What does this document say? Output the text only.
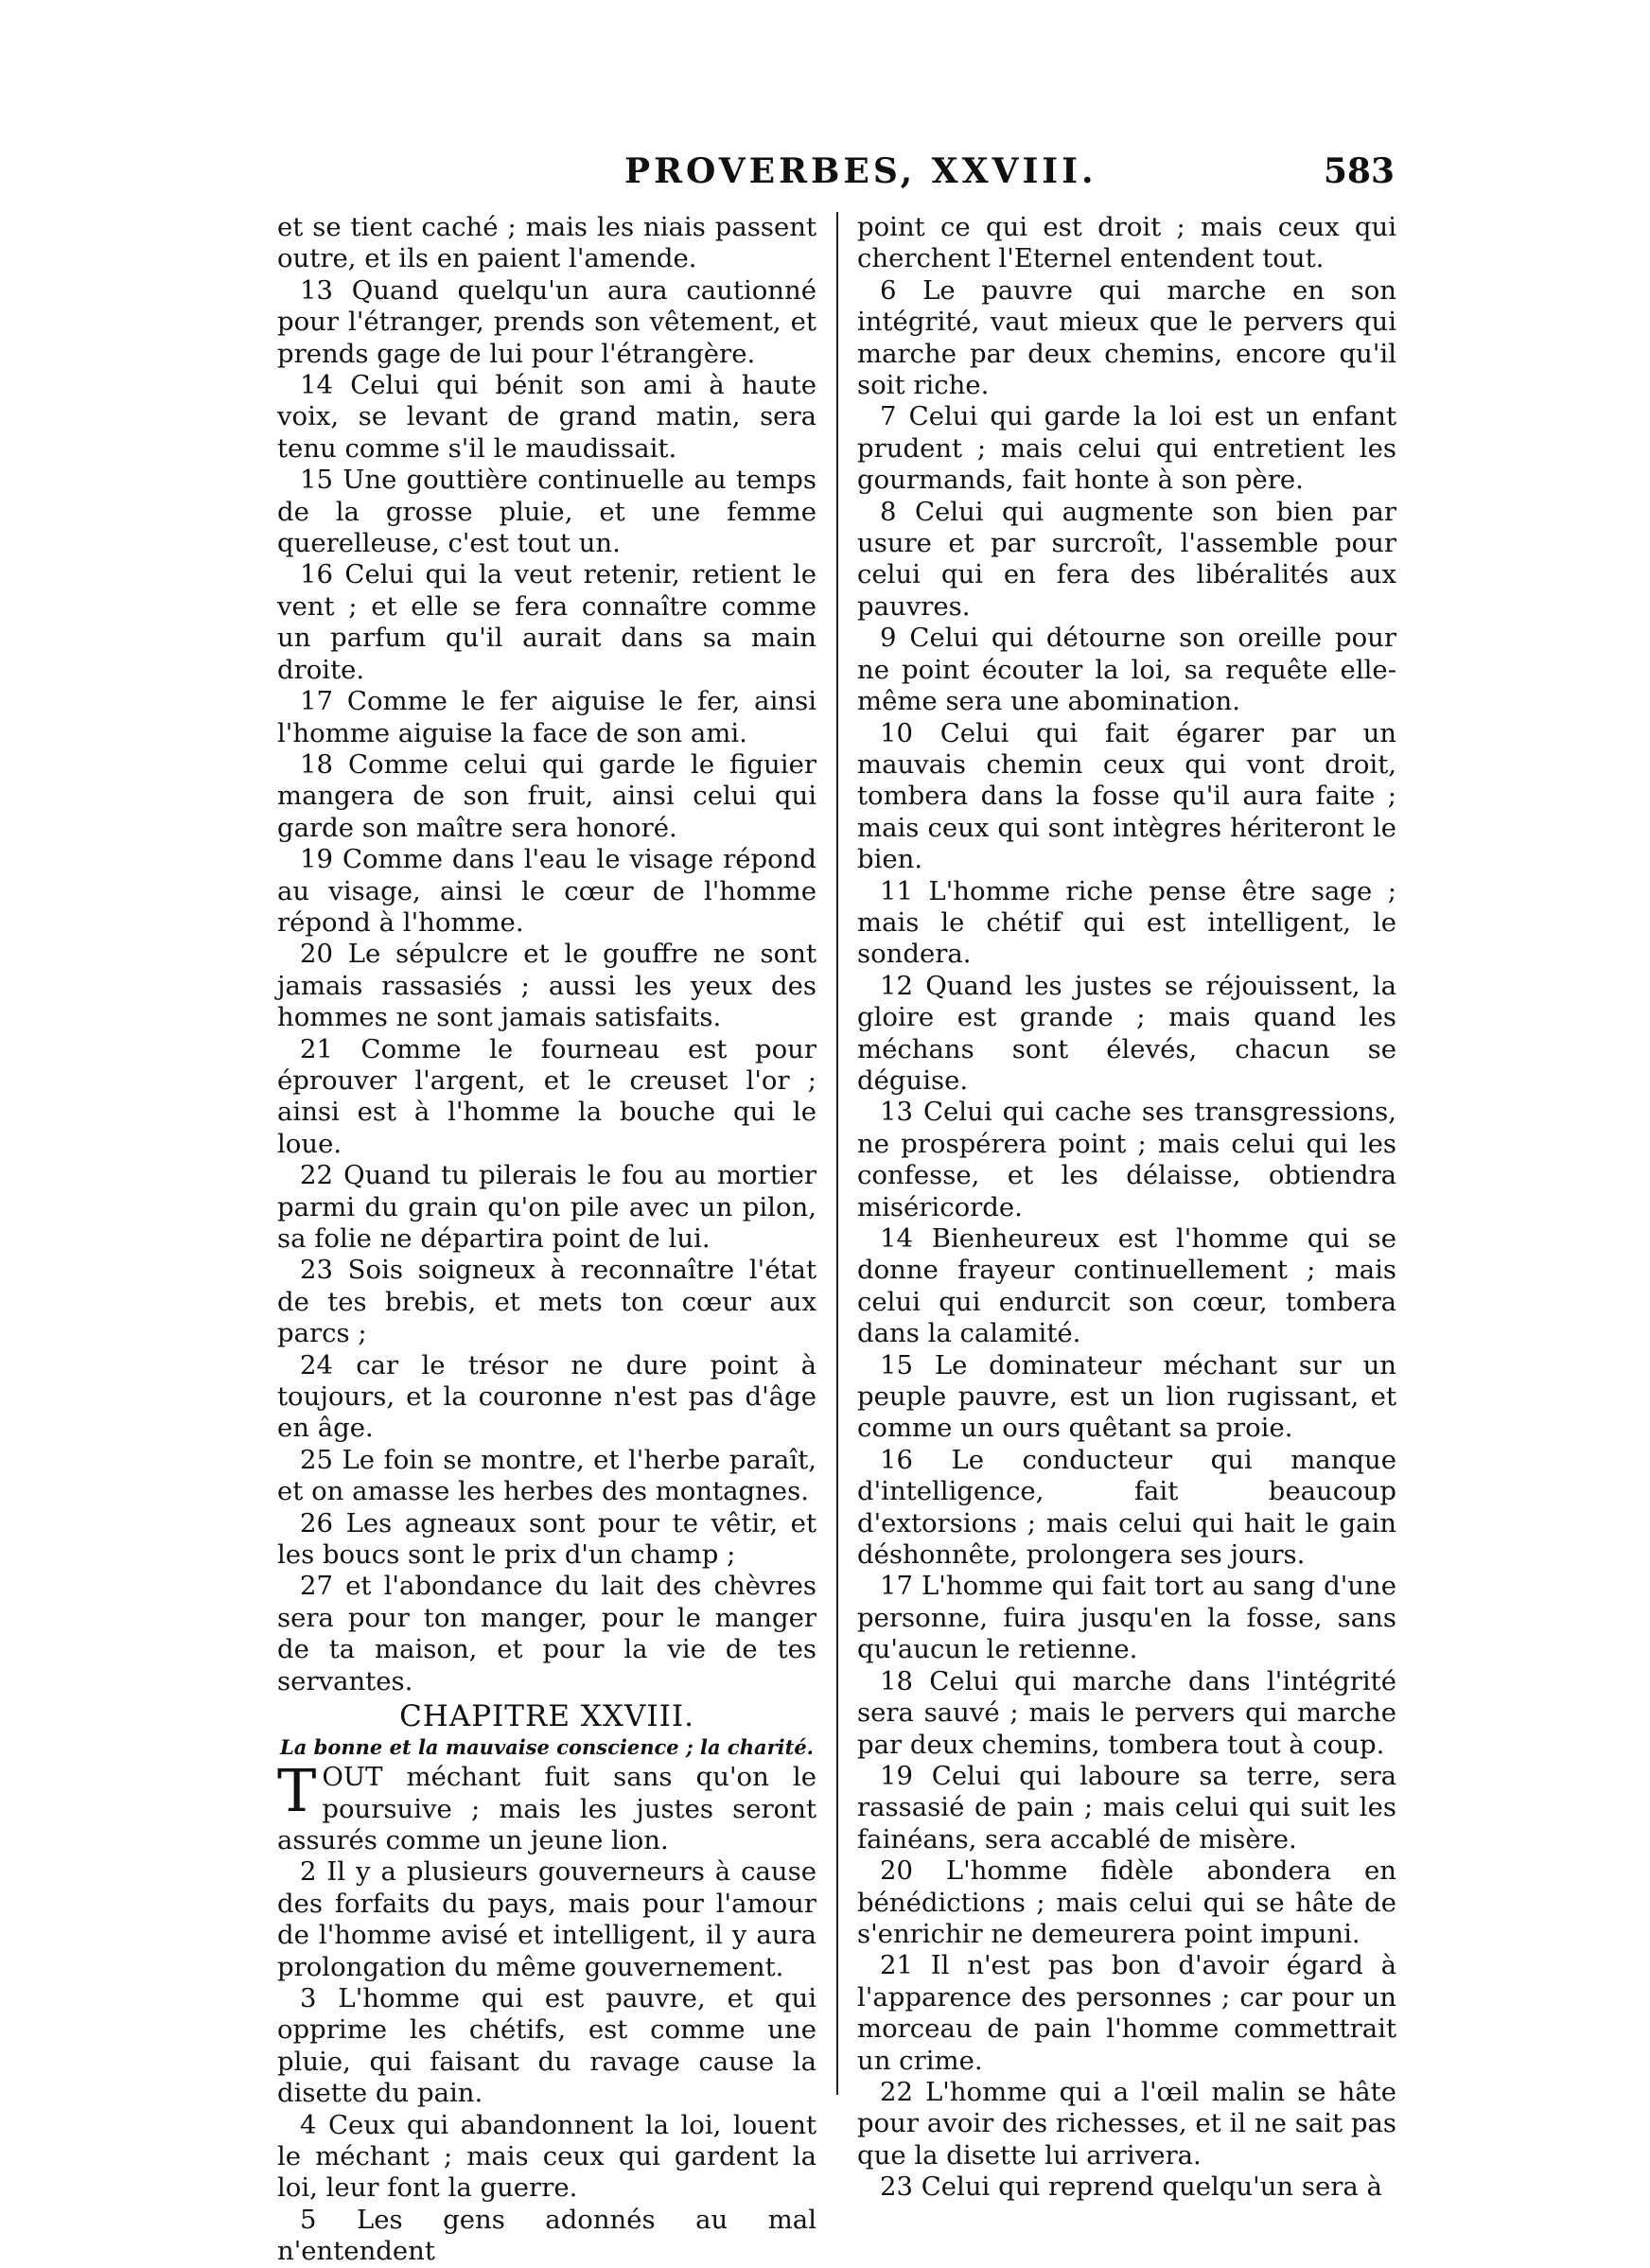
PROVERBES, XXVIII.	583

et se tient caché ; mais les niais passent outre, et ils en paient l'amende.

13 Quand quelqu'un aura cautionné pour l'étranger, prends son vêtement, et prends gage de lui pour l'étrangère.

14 Celui qui bénit son ami à haute voix, se levant de grand matin, sera tenu comme s'il le maudissait.

15 Une gouttière continuelle au temps de la grosse pluie, et une femme querelleuse, c'est tout un.

16 Celui qui la veut retenir, retient le vent ; et elle se fera connaître comme un parfum qu'il aurait dans sa main droite.

17 Comme le fer aiguise le fer, ainsi l'homme aiguise la face de son ami.

18 Comme celui qui garde le figuier mangera de son fruit, ainsi celui qui garde son maître sera honoré.

19 Comme dans l'eau le visage répond au visage, ainsi le cœur de l'homme répond à l'homme.

20 Le sépulcre et le gouffre ne sont jamais rassasiés ; aussi les yeux des hommes ne sont jamais satisfaits.

21 Comme le fourneau est pour éprouver l'argent, et le creuset l'or ; ainsi est à l'homme la bouche qui le loue.

22 Quand tu pilerais le fou au mortier parmi du grain qu'on pile avec un pilon, sa folie ne départira point de lui.

23 Sois soigneux à reconnaître l'état de tes brebis, et mets ton cœur aux parcs ;

24 car le trésor ne dure point à toujours, et la couronne n'est pas d'âge en âge.

25 Le foin se montre, et l'herbe paraît, et on amasse les herbes des montagnes.

26 Les agneaux sont pour te vêtir, et les boucs sont le prix d'un champ ;

27 et l'abondance du lait des chèvres sera pour ton manger, pour le manger de ta maison, et pour la vie de tes servantes.

CHAPITRE XXVIII.
La bonne et la mauvaise conscience ; la charité.

T OUT méchant fuit sans qu'on le poursuive ; mais les justes seront assurés comme un jeune lion.

2 Il y a plusieurs gouverneurs à cause des forfaits du pays, mais pour l'amour de l'homme avisé et intelligent, il y aura prolongation du même gouvernement.

3 L'homme qui est pauvre, et qui opprime les chétifs, est comme une pluie, qui faisant du ravage cause la disette du pain.

4 Ceux qui abandonnent la loi, louent le méchant ; mais ceux qui gardent la loi, leur font la guerre.

5 Les gens adonnés au mal n'entendent

point ce qui est droit ; mais ceux qui cherchent l'Eternel entendent tout.

6 Le pauvre qui marche en son intégrité, vaut mieux que le pervers qui marche par deux chemins, encore qu'il soit riche.

7 Celui qui garde la loi est un enfant prudent ; mais celui qui entretient les gourmands, fait honte à son père.

8 Celui qui augmente son bien par usure et par surcroît, l'assemble pour celui qui en fera des libéralités aux pauvres.

9 Celui qui détourne son oreille pour ne point écouter la loi, sa requête elle-même sera une abomination.

10 Celui qui fait égarer par un mauvais chemin ceux qui vont droit, tombera dans la fosse qu'il aura faite ; mais ceux qui sont intègres hériteront le bien.

11 L'homme riche pense être sage ; mais le chétif qui est intelligent, le sondera.

12 Quand les justes se réjouissent, la gloire est grande ; mais quand les méchans sont élevés, chacun se déguise.

13 Celui qui cache ses transgressions, ne prospérera point ; mais celui qui les confesse, et les délaisse, obtiendra miséricorde.

14 Bienheureux est l'homme qui se donne frayeur continuellement ; mais celui qui endurcit son cœur, tombera dans la calamité.

15 Le dominateur méchant sur un peuple pauvre, est un lion rugissant, et comme un ours quêtant sa proie.

16 Le conducteur qui manque d'intelligence, fait beaucoup d'extorsions ; mais celui qui hait le gain déshonnête, prolongera ses jours.

17 L'homme qui fait tort au sang d'une personne, fuira jusqu'en la fosse, sans qu'aucun le retienne.

18 Celui qui marche dans l'intégrité sera sauvé ; mais le pervers qui marche par deux chemins, tombera tout à coup.

19 Celui qui laboure sa terre, sera rassasié de pain ; mais celui qui suit les fainéans, sera accablé de misère.

20 L'homme fidèle abondera en bénédictions ; mais celui qui se hâte de s'enrichir ne demeurera point impuni.

21 Il n'est pas bon d'avoir égard à l'apparence des personnes ; car pour un morceau de pain l'homme commettrait un crime.

22 L'homme qui a l'œil malin se hâte pour avoir des richesses, et il ne sait pas que la disette lui arrivera.

23 Celui qui reprend quelqu'un sera à
